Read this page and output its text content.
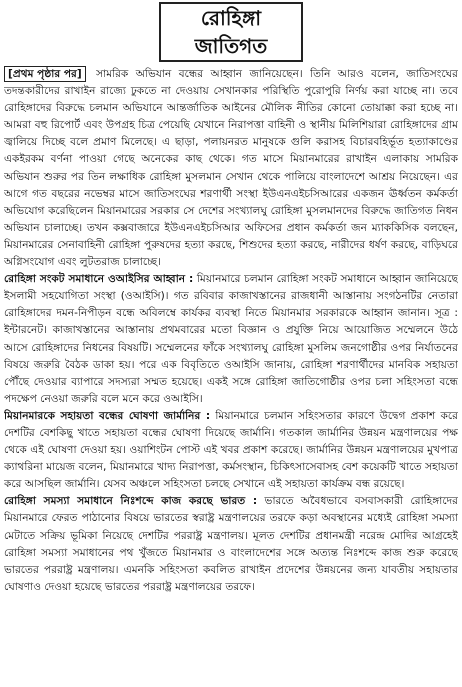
রোহিঙ্গা জাতিগত

[প্রথম পৃষ্ঠার পর] সামরিক অভিযান বন্ধের আহ্বান জানিয়েছেন। তিনি আরও বলেন, জাতিসংঘের তদন্তকারীদের রাখাইন রাজ্যে ঢুকতে না দেওয়ায় সেখানকার পরিস্থিতি পুরোপুরি নির্ণয় করা যাচ্ছে না। তবে রোহিঙ্গাদের বিরুদ্ধে চলমান অভিযানে আন্তর্জাতিক আইনের মৌলিক নীতির কোনো তোয়াক্কা করা হচ্ছে না। আমরা বহু রিপোর্ট এবং উপগ্রহ চিত্র পেয়েছি যেখানে নিরাপত্তা বাহিনী ও স্থানীয় মিলিশিয়ারা রোহিঙ্গাদের গ্রাম জ্বালিয়ে দিচ্ছে বলে প্রমাণ মিলেছে। এ ছাড়া, পলায়নরত মানুষকে গুলি করাসহ বিচারবহির্ভূত হত্যাকাণ্ডের একইরকম বর্ণনা পাওয়া গেছে অনেকের কাছ থেকে। গত মাসে মিয়ানমারের রাখাইন এলাকায় সামরিক অভিযান শুরুর পর তিন লক্ষাধিক রোহিঙ্গা মুসলমান সেখান থেকে পালিয়ে বাংলাদেশে আশ্রয় নিয়েছেন। এর আগে গত বছরের নভেম্বর মাসে জাতিসংঘের শরণার্থী সংস্থা ইউএনএইচসিআরের একজন ঊর্ধ্বতন কর্মকর্তা অভিযোগ করেছিলেন মিয়ানমারের সরকার সে দেশের সংখ্যালঘু রোহিঙ্গা মুসলমানদের বিরুদ্ধে জাতিগত নিধন অভিযান চালাচ্ছে। তখন কক্সবাজারে ইউএনএইচসিআর অফিসের প্রধান কর্মকর্তা জন ম্যাককিসিক বলছেন, মিয়ানমারের সেনাবাহিনী রোহিঙ্গা পুরুষদের হত্যা করছে, শিশুদের হত্যা করছে, নারীদের ধর্ষণ করছে, বাড়িঘরে অগ্নিসংযোগ এবং লুটতরাজ চালাচ্ছে।

রোহিঙ্গা সংকট সমাধানে ওআইসির আহ্বান : মিয়ানমারে চলমান রোহিঙ্গা সংকট সমাধানে আহ্বান জানিয়েছে ইসলামী সহযোগিতা সংস্থা (ওআইসি)। গত রবিবার কাজাখস্তানের রাজধানী আস্তানায় সংগঠনটির নেতারা রোহিঙ্গাদের দমন-নিপীড়ন বন্ধে অবিলম্বে কার্যকর ব্যবস্থা নিতে মিয়ানমার সরকারকে আহ্বান জানান। সূত্র : ইন্টারনেট। কাজাখস্তানের আস্তানায় প্রথমবারের মতো বিজ্ঞান ও প্রযুক্তি নিয়ে আয়োজিত সম্মেলনে উঠে আসে রোহিঙ্গাদের নিধনের বিষয়টি। সম্মেলনের ফাঁকে সংখ্যালঘু রোহিঙ্গা মুসলিম জনগোষ্ঠীর ওপর নির্যাতনের বিষয়ে জরুরি বৈঠক ডাকা হয়। পরে এক বিবৃতিতে ওআইসি জানায়, রোহিঙ্গা শরণার্থীদের মানবিক সহায়তা পৌঁছে দেওয়ার ব্যাপারে সদস্যরা সম্মত হয়েছে। একই সঙ্গে রোহিঙ্গা জাতিগোষ্ঠীর ওপর চলা সহিংসতা বন্ধে পদক্ষেপ নেওয়া জরুরি বলে মনে করে ওআইসি।

মিয়ানমারকে সহায়তা বন্ধের ঘোষণা জার্মানির : মিয়ানমারে চলমান সহিংসতার কারণে উদ্বেগ প্রকাশ করে দেশটির বেশকিছু খাতে সহায়তা বন্ধের ঘোষণা দিয়েছে জার্মানি। গতকাল জার্মানির উন্নয়ন মন্ত্রণালয়ের পক্ষ থেকে এই ঘোষণা দেওয়া হয়। ওয়াশিংটন পোস্ট এই খবর প্রকাশ করেছে। জার্মানির উন্নয়ন মন্ত্রণালয়ের মুখপাত্র ক্যাথরিনা মায়েজ বলেন, মিয়ানমারে খাদ্য নিরাপত্তা, কর্মসংস্থান, চিকিৎসাসেবাসহ বেশ কয়েকটি খাতে সহায়তা করে আসছিল জার্মানি। যেসব অঞ্চলে সহিংসতা চলছে সেখানে এই সহায়তা কার্যক্রম বন্ধ রয়েছে।

রোহিঙ্গা সমস্যা সমাধানে নিঃশব্দে কাজ করছে ভারত : ভারতে অবৈধভাবে বসবাসকারী রোহিঙ্গাদের মিয়ানমারে ফেরত পাঠানোর বিষয়ে ভারতের স্বরাষ্ট্র মন্ত্রণালয়ের তরফে কড়া অবস্থানের মধ্যেই রোহিঙ্গা সমস্যা মেটাতে সক্রিয় ভূমিকা নিয়েছে দেশটির পররাষ্ট্র মন্ত্রণালয়। মূলত দেশটির প্রধানমন্ত্রী নরেন্দ্র মোদির আগ্রহেই রোহিঙ্গা সমস্যা সমাধানের পথ খুঁজতে মিয়ানমার ও বাংলাদেশের সঙ্গে অত্যন্ত নিঃশব্দে কাজ শুরু করেছে ভারতের পররাষ্ট্র মন্ত্রণালয়। এমনকি সহিংসতা কবলিত রাখাইন প্রদেশের উন্নয়নের জন্য যাবতীয় সহায়তার ঘোষণাও দেওয়া হয়েছে ভারতের পররাষ্ট্র মন্ত্রণালয়ের তরফে।
